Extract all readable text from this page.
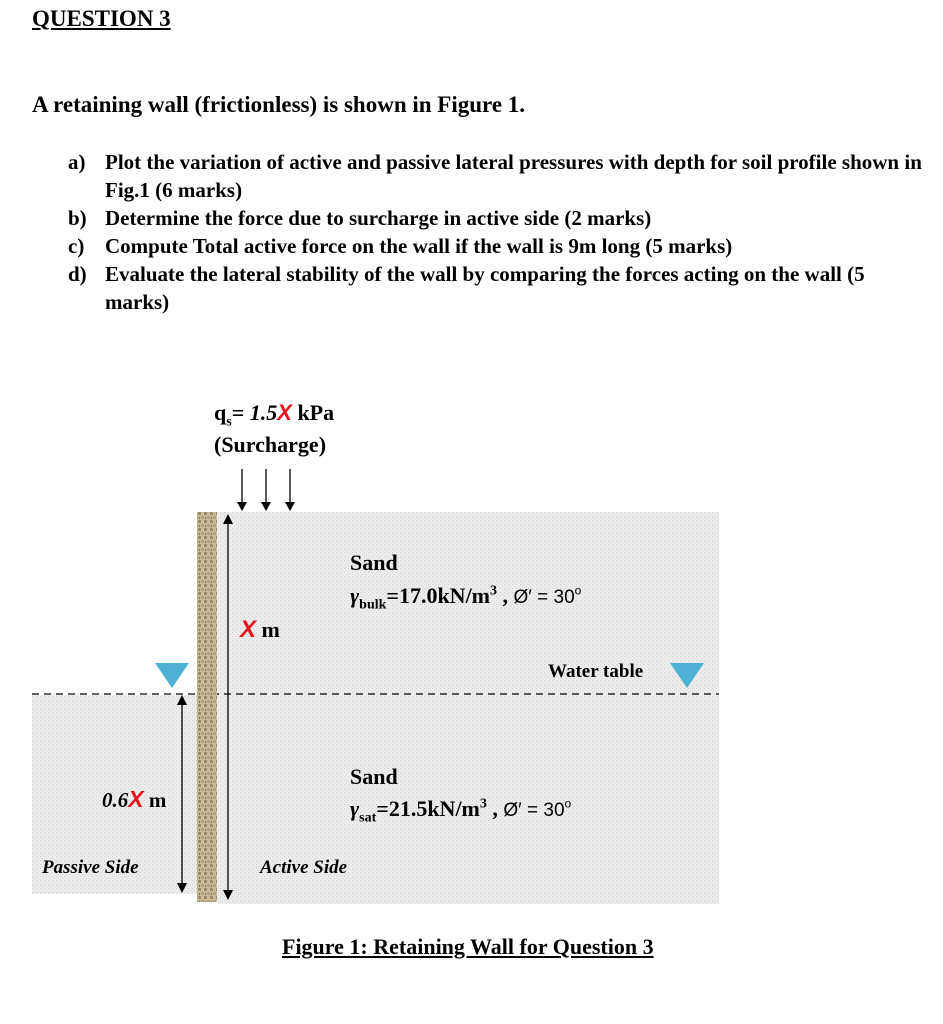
QUESTION 3
A retaining wall (frictionless) is shown in Figure 1.
a) Plot the variation of active and passive lateral pressures with depth for soil profile shown in Fig.1 (6 marks)
b) Determine the force due to surcharge in active side (2 marks)
c) Compute Total active force on the wall if the wall is 9m long (5 marks)
d) Evaluate the lateral stability of the wall by comparing the forces acting on the wall (5 marks)
$q_s= 1.5X$ kPa
(Surcharge)
X m
Sand
$\gamma_{bulk}=17.0kN/m^3$ , Ø′ = $30^o$
Water table
Sand
$\gamma_{sat}=21.5kN/m^3$ , Ø′ = $30^o$
0.6X m
Passive Side	Active Side
Figure 1: Retaining Wall for Question 3
